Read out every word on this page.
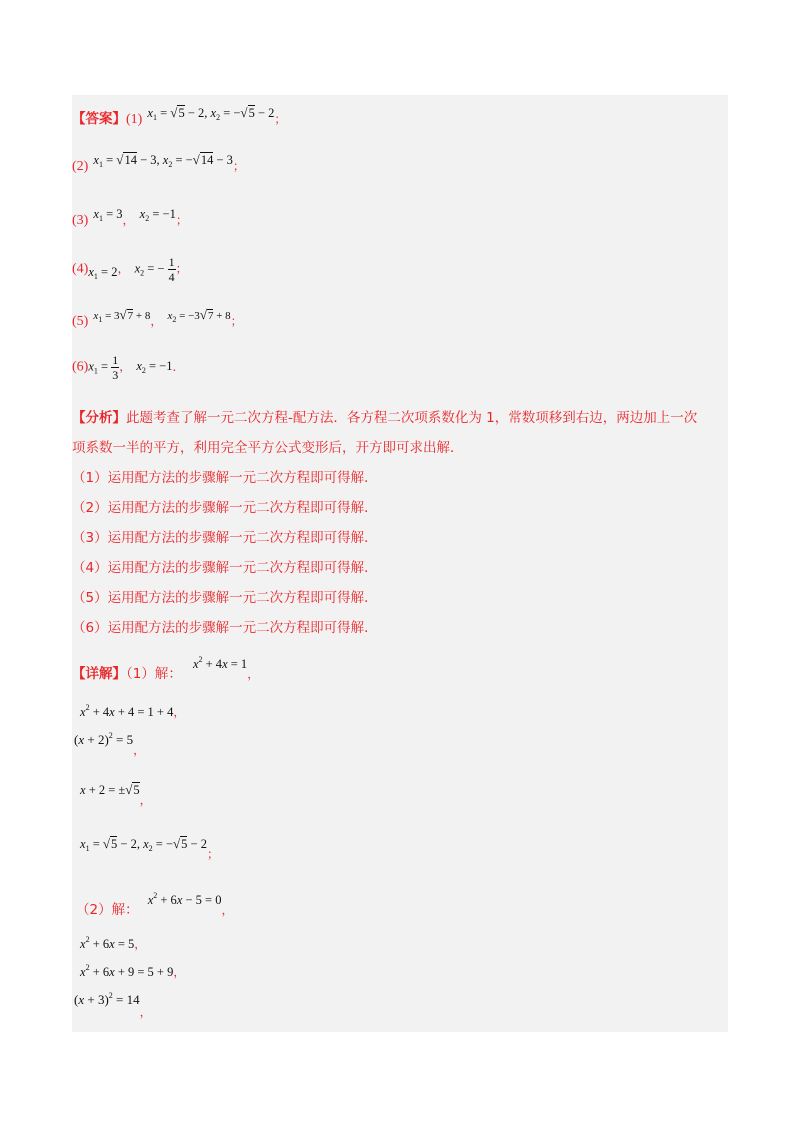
【答案】(1) $x_1 = √5 - 2$, $x_2 = -√5 - 2$；
(2) $x_1 = √14 - 3$, $x_2 = -√14 - 3$；
(3) $x_1 = 3$， $x_2 = -1$；
$(4)x_1 = 2$， $x_2$ = − $\frac{1}{4}$ ；
(5) $x_1 = 3√7 + 8$， $x_2 = -3√7 + 8$；
$(6)x_1 = \frac{1}{3}$ ， $x_2 = -1$．
【分析】此题考查了解一元二次方程-配方法．各方程二次项系数化为 1，常数项移到右边，两边加上一次
项系数一半的平方，利用完全平方公式变形后，开方即可求出解．
（1）运用配方法的步骤解一元二次方程即可得解．
（2）运用配方法的步骤解一元二次方程即可得解．
（3）运用配方法的步骤解一元二次方程即可得解．
（4）运用配方法的步骤解一元二次方程即可得解．
（5）运用配方法的步骤解一元二次方程即可得解．
（6）运用配方法的步骤解一元二次方程即可得解．
【详解】（1）解： $x^2 + 4x = 1$，
$x^2 + 4x + 4 = 1 + 4$，
$(x + 2)^2 = 5_,$
$x + 2 = \pm√5_,$
$x_1 = √5 - 2$, $x_2 = -√5 - 2_;$
（2）解： $x^2 + 6x - 5 = 0$，
$x^2 + 6x = 5$，
$x^2 + 6x + 9 = 5 + 9$，
$(x + 3)^2 = 14_,$
